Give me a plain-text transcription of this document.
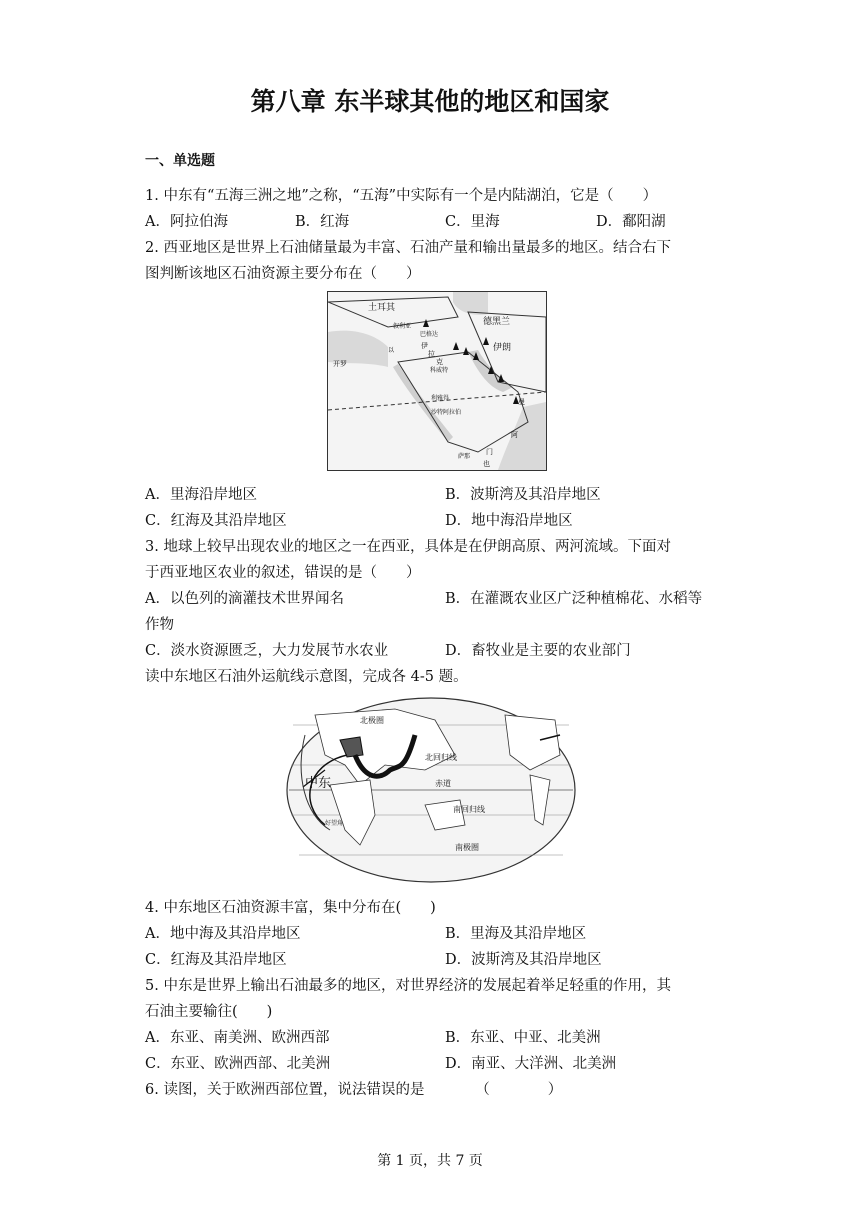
第八章 东半球其他的地区和国家
一、单选题
1. 中东有“五海三洲之地”之称，“五海”中实际有一个是内陆湖泊，它是（　　）
A．阿拉伯海	B．红海	C．里海	D．鄱阳湖
2. 西亚地区是世界上石油储量最为丰富、石油产量和输出量最多的地区。结合右下
图判断该地区石油资源主要分布在（　　）
土耳其
叙利亚
巴格达
伊
拉
克
德黑兰
伊朗
开罗
科威特
利雅得
沙特阿拉伯
阿
曼
萨那
也
门
以
A．里海沿岸地区	B．波斯湾及其沿岸地区
C．红海及其沿岸地区	D．地中海沿岸地区
3. 地球上较早出现农业的地区之一在西亚，具体是在伊朗高原、两河流域。下面对
于西亚地区农业的叙述，错误的是（　　）
A．以色列的滴灌技术世界闻名	B．在灌溉农业区广泛种植棉花、水稻等
作物
C．淡水资源匮乏，大力发展节水农业	D．畜牧业是主要的农业部门
读中东地区石油外运航线示意图，完成各 4-5 题。
北极圈
北回归线
中东	赤道
南回归线
好望角
南极圈
4. 中东地区石油资源丰富，集中分布在(　　)
A．地中海及其沿岸地区	B．里海及其沿岸地区
C．红海及其沿岸地区	D．波斯湾及其沿岸地区
5. 中东是世界上输出石油最多的地区，对世界经济的发展起着举足轻重的作用，其
石油主要输往(　　)
A．东亚、南美洲、欧洲西部	B．东亚、中亚、北美洲
C．东亚、欧洲西部、北美洲	D．南亚、大洋洲、北美洲
6. 读图，关于欧洲西部位置，说法错误的是　　　　（　　　　）
第 1 页，共 7 页
